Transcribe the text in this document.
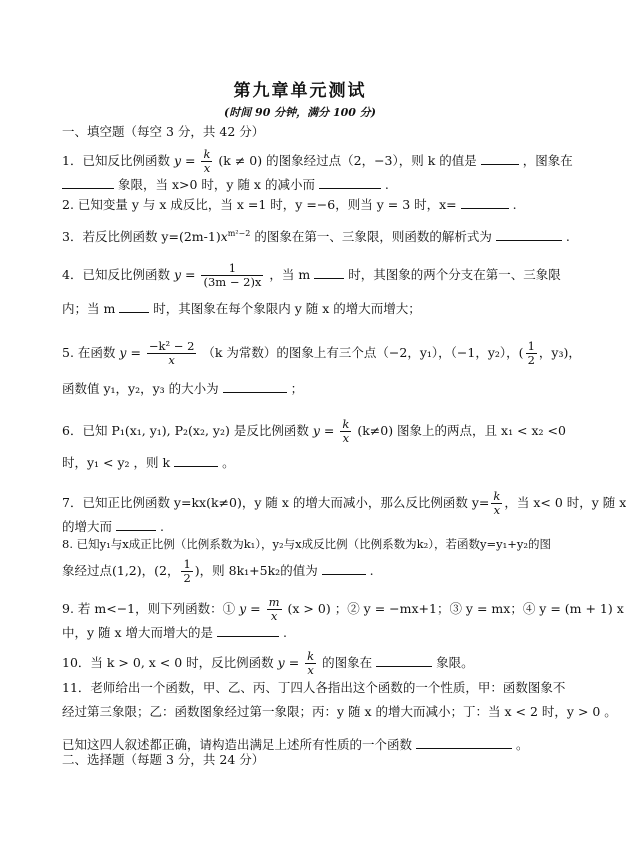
第九章单元测试
(时间 90 分钟，满分 100 分)
一、填空题（每空 3 分，共 42 分）
1．已知反比例函数 $y = \frac{k}{x} (k \ne 0)$ 的图象经过点（2，−3），则 k 的值是	，图象在
象限，当 x>0 时，y 随 x 的减小而	.
2. 已知变量 y 与 x 成反比，当 x =1 时，y =−6，则当 y = 3 时，x=	.
3．若反比例函数 $y=(2m-1)x^{m^2-2}$ 的图象在第一、三象限，则函数的解析式为	.
4．已知反比例函数 $y = \frac{1}{(3m - 2)x}$ ，当 m	时，其图象的两个分支在第一、三象限
内；当 m	时，其图象在每个象限内 y 随 x 的增大而增大；
5. 在函数 $y = \frac{\text{−k² − 2}}{x} (k$ 为常数）的图象上有三个点（−2，y₁），（−1，y₂），( $\frac{1}{2}$ ，y₃)，
函数值 y₁，y₂，y₃ 的大小为	；
6．已知 P₁(x₁, y₁), P₂(x₂, y₂) 是反比例函数 $y = \frac{k}{x} (k\ne 0)$ 图象上的两点，且 x₁ < x₂ <0
时，y₁ < y₂ ，则 k	。
7．已知正比例函数 y=kx(k≠0)，y 随 x 的增大而减小，那么反比例函数 $y= \frac{k}{x}$ ，当 x< 0 时，y 随 x
的增大而	.
8. 已知y₁与x成正比例（比例系数为k₁），y₂与x成反比例（比例系数为k₂），若函数y=y₁+y₂的图
象经过点(1,2)，(2， $\frac{1}{2}$ )，则 8k₁+5k₂的值为	.
9. 若 m<−1，则下列函数：① $y = \frac{m}{x} (x > 0)$ ；② y = −mx+1；③ y = mx；④ y = (m + 1) x
中，y 随 x 增大而增大的是	.
10．当 k > 0, x < 0 时，反比例函数 $y = \frac{k}{x}$ 的图象在	象限。
11．老师给出一个函数，甲、乙、丙、丁四人各指出这个函数的一个性质，甲：函数图象不
经过第三象限；乙：函数图象经过第一象限；丙：y 随 x 的增大而减小；丁：当 x < 2 时，y > 0 。
已知这四人叙述都正确，请构造出满足上述所有性质的一个函数	。
二、选择题（每题 3 分，共 24 分）
